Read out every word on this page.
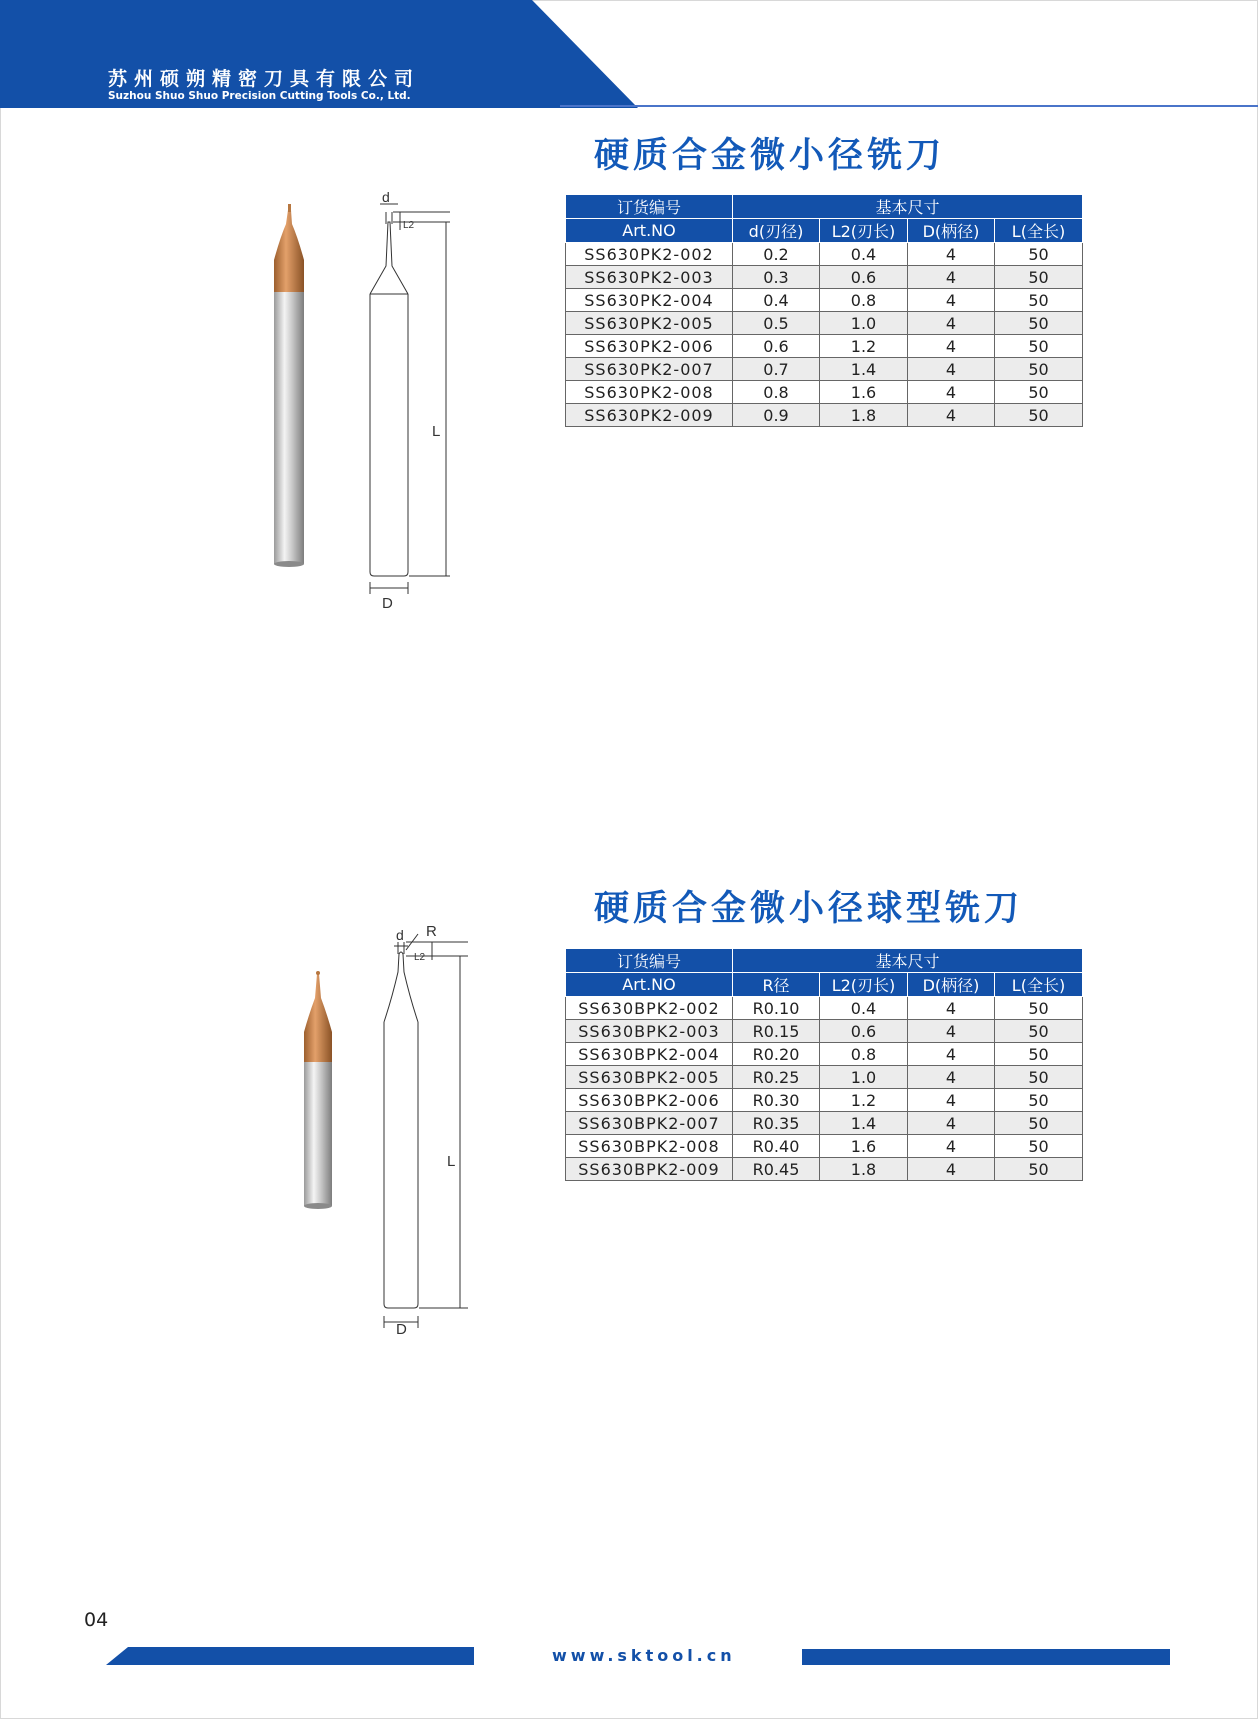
苏州硕朔精密刀具有限公司
Suzhou Shuo Shuo Precision Cutting Tools Co., Ltd.
硬质合金微小径铣刀
d
L2
L
D
订货编号	基本尺寸			
Art.NO	d(刃径)	L2(刃长)	D(柄径)	L(全长)
SS630PK2-002	0.2	0.4	4	50
SS630PK2-003	0.3	0.6	4	50
SS630PK2-004	0.4	0.8	4	50
SS630PK2-005	0.5	1.0	4	50
SS630PK2-006	0.6	1.2	4	50
SS630PK2-007	0.7	1.4	4	50
SS630PK2-008	0.8	1.6	4	50
SS630PK2-009	0.9	1.8	4	50
硬质合金微小径球型铣刀
d R
L2
L
D
订货编号	基本尺寸			
Art.NO	R径	L2(刃长)	D(柄径)	L(全长)
SS630BPK2-002	R0.10	0.4	4	50
SS630BPK2-003	R0.15	0.6	4	50
SS630BPK2-004	R0.20	0.8	4	50
SS630BPK2-005	R0.25	1.0	4	50
SS630BPK2-006	R0.30	1.2	4	50
SS630BPK2-007	R0.35	1.4	4	50
SS630BPK2-008	R0.40	1.6	4	50
SS630BPK2-009	R0.45	1.8	4	50
04
www.sktool.cn
